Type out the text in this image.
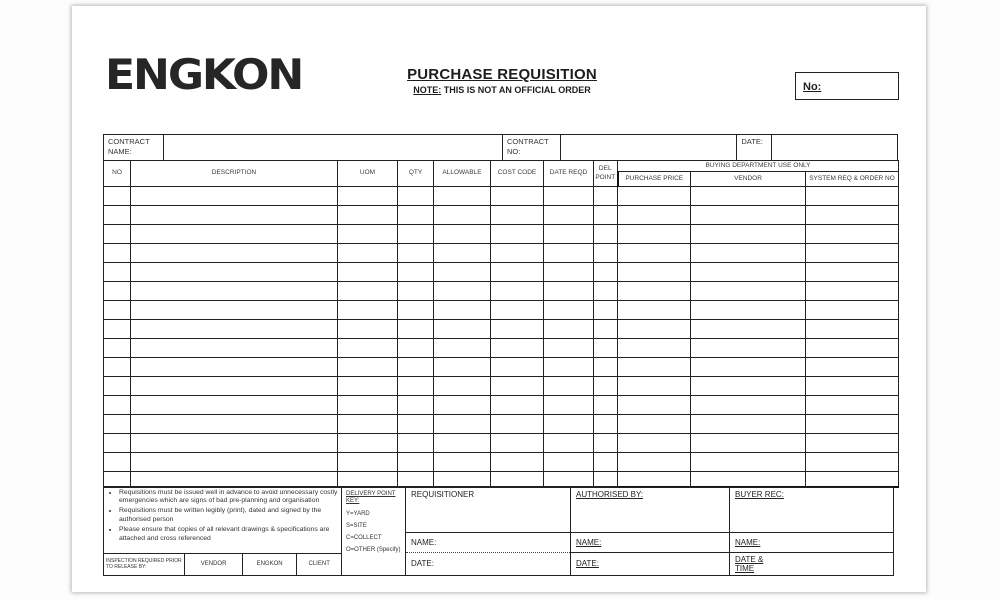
ENGKON	PURCHASE REQUISITION
NOTE: THIS IS NOT AN OFFICIAL ORDER	No:
CONTRACT NAME:
CONTRACT NO:
DATE:
NO	DESCRIPTION	UOM	QTY	ALLOWABLE	COST CODE	DATE REQD	DEL POINT	BUYING DEPARTMENT USE ONLY		
								PURCHASE PRICE	VENDOR	SYSTEM REQ & ORDER NO

• Requisitions must be issued well in advance to avoid unnecessary costly emergencies which are signs of bad pre-planning and organisation
• Requisitions must be written legibly (print), dated and signed by the authorised person
• Please ensure that copies of all relevant drawings & specifications are attached and cross referenced
INSPECTION REQUIRED PRIOR TO RELEASE BY:	VENDOR	ENGKON	CLIENT
DELIVERY POINT KEY:
Y=YARD
S=SITE
C=COLLECT
O=OTHER (Specify)
REQUISITIONER
NAME:
DATE:
AUTHORISED BY:
NAME:
DATE:
BUYER REC:
NAME:
DATE & TIME
